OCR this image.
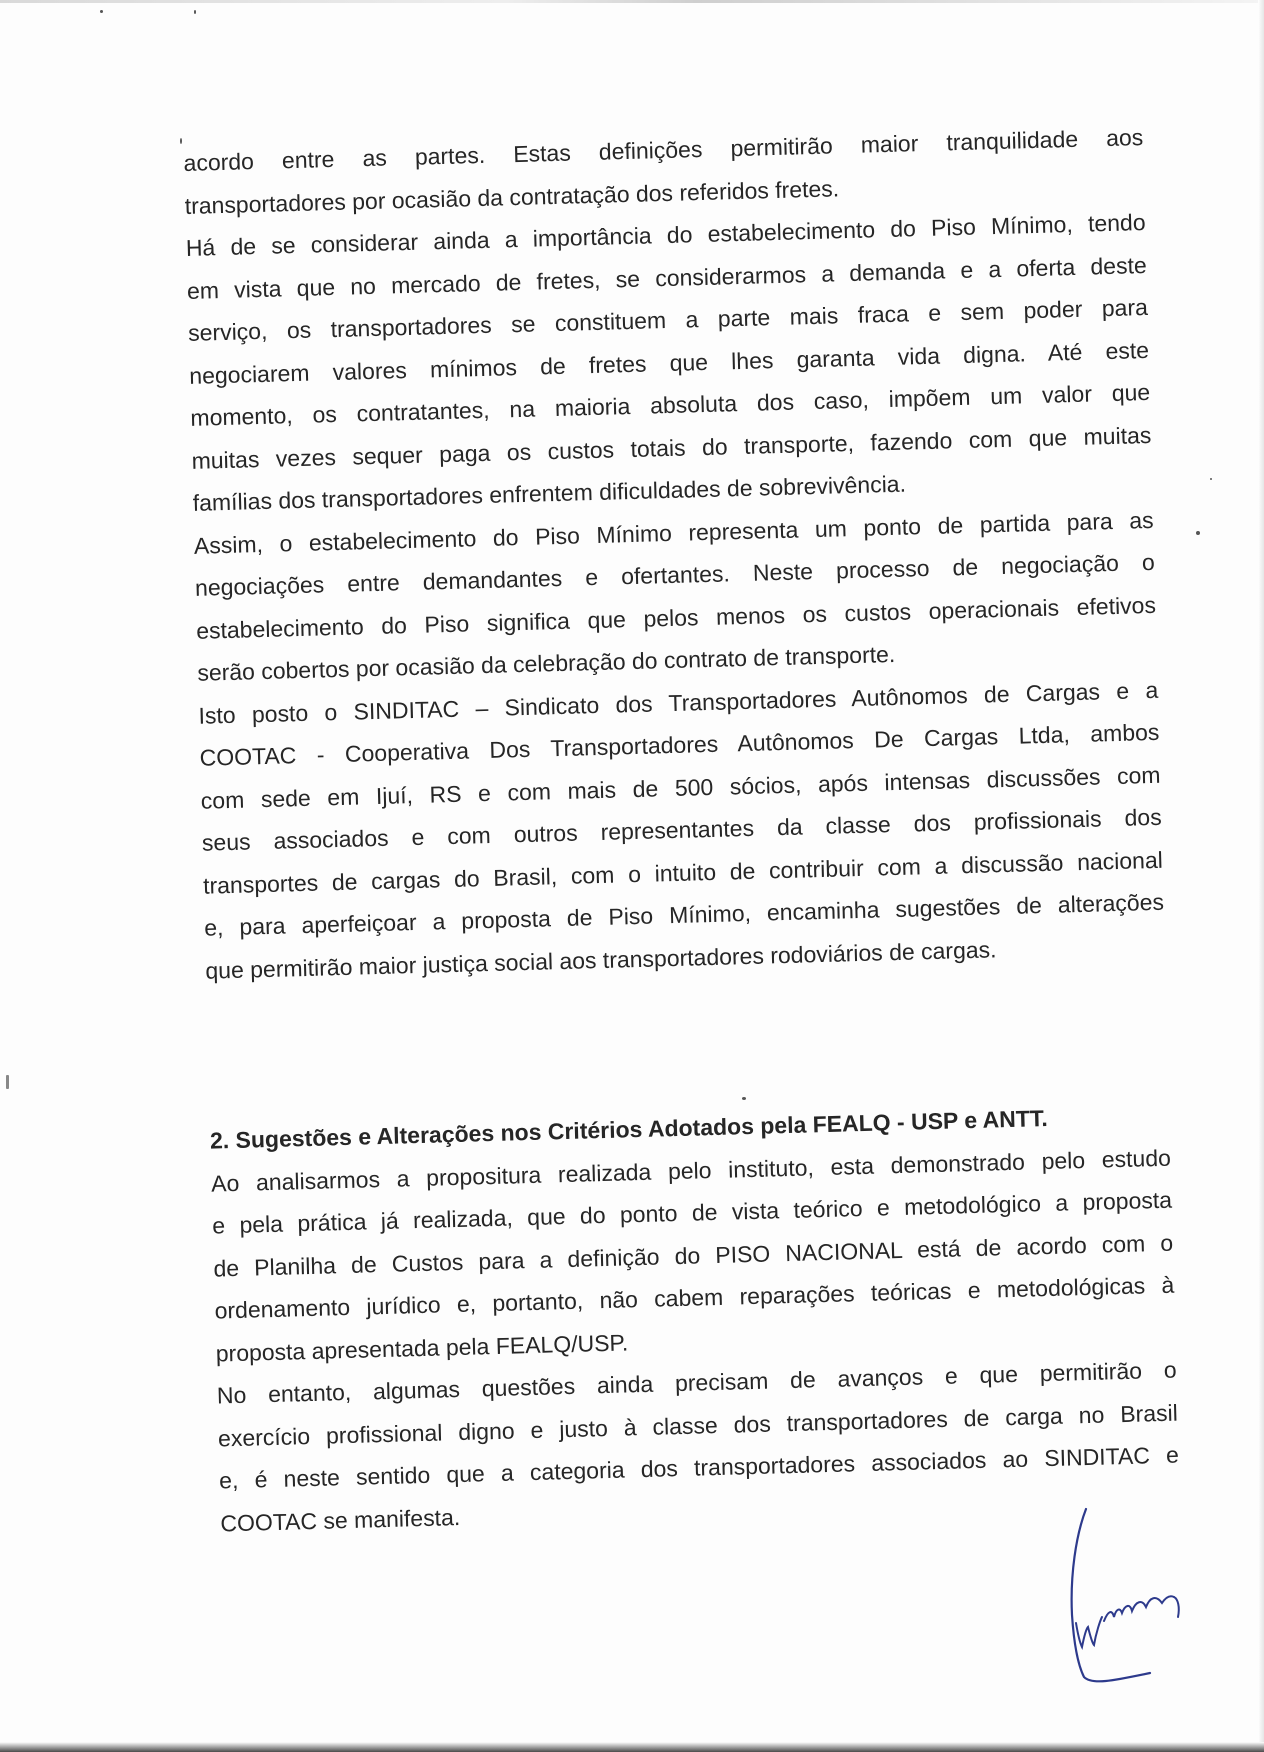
acordo entre as partes. Estas definições permitirão maior tranquilidade aos
transportadores por ocasião da contratação dos referidos fretes.
Há de se considerar ainda a importância do estabelecimento do Piso Mínimo, tendo
em vista que no mercado de fretes, se considerarmos a demanda e a oferta deste
serviço, os transportadores se constituem a parte mais fraca e sem poder para
negociarem valores mínimos de fretes que lhes garanta vida digna. Até este
momento, os contratantes, na maioria absoluta dos caso, impõem um valor que
muitas vezes sequer paga os custos totais do transporte, fazendo com que muitas
famílias dos transportadores enfrentem dificuldades de sobrevivência.
Assim, o estabelecimento do Piso Mínimo representa um ponto de partida para as
negociações entre demandantes e ofertantes. Neste processo de negociação o
estabelecimento do Piso significa que pelos menos os custos operacionais efetivos
serão cobertos por ocasião da celebração do contrato de transporte.
Isto posto o SINDITAC – Sindicato dos Transportadores Autônomos de Cargas e a
COOTAC - Cooperativa Dos Transportadores Autônomos De Cargas Ltda, ambos
com sede em Ijuí, RS e com mais de 500 sócios, após intensas discussões com
seus associados e com outros representantes da classe dos profissionais dos
transportes de cargas do Brasil, com o intuito de contribuir com a discussão nacional
e, para aperfeiçoar a proposta de Piso Mínimo, encaminha sugestões de alterações
que permitirão maior justiça social aos transportadores rodoviários de cargas.
2. Sugestões e Alterações nos Critérios Adotados pela FEALQ - USP e ANTT.
Ao analisarmos a propositura realizada pelo instituto, esta demonstrado pelo estudo
e pela prática já realizada, que do ponto de vista teórico e metodológico a proposta
de Planilha de Custos para a definição do PISO NACIONAL está de acordo com o
ordenamento jurídico e, portanto, não cabem reparações teóricas e metodológicas à
proposta apresentada pela FEALQ/USP.
No entanto, algumas questões ainda precisam de avanços e que permitirão o
exercício profissional digno e justo à classe dos transportadores de carga no Brasil
e, é neste sentido que a categoria dos transportadores associados ao SINDITAC e
COOTAC se manifesta.
